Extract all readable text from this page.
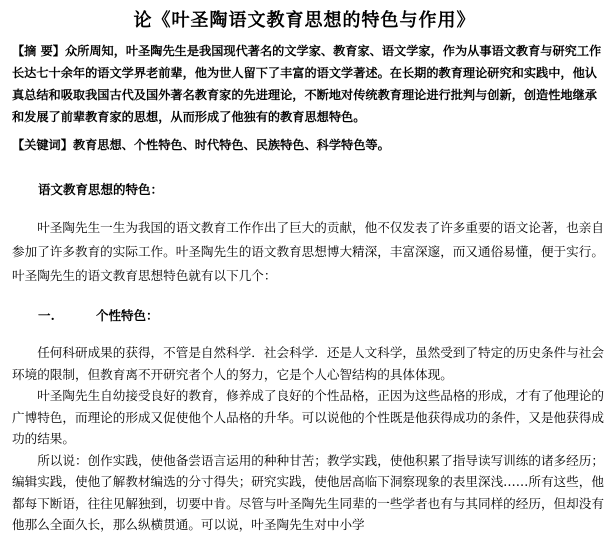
论《叶圣陶语文教育思想的特色与作用》
【摘 要】众所周知，叶圣陶先生是我国现代著名的文学家、教育家、语文学家，作为从事语文教育与研究工作长达七十余年的语文学界老前辈，他为世人留下了丰富的语文学著述。在长期的教育理论研究和实践中，他认真总结和吸取我国古代及国外著名教育家的先进理论，不断地对传统教育理论进行批判与创新，创造性地继承和发展了前辈教育家的思想，从而形成了他独有的教育思想特色。
【关键词】教育思想、个性特色、时代特色、民族特色、科学特色等。
语文教育思想的特色：
叶圣陶先生一生为我国的语文教育工作作出了巨大的贡献，他不仅发表了许多重要的语文论著，也亲自参加了许多教育的实际工作。叶圣陶先生的语文教育思想博大精深，丰富深邃，而又通俗易懂，便于实行。叶圣陶先生的语文教育思想特色就有以下几个：
一.	个性特色：

任何科研成果的获得，不管是自然科学．社会科学．还是人文科学，虽然受到了特定的历史条件与社会环境的限制，但教育离不开研究者个人的努力，它是个人心智结构的具体体现。

叶圣陶先生自幼接受良好的教育，修养成了良好的个性品格，正因为这些品格的形成，才有了他理论的广博特色，而理论的形成又促使他个人品格的升华。可以说他的个性既是他获得成功的条件，又是他获得成功的结果。

所以说：创作实践，使他备尝语言运用的种种甘苦；教学实践，使他积累了指导读写训练的诸多经历；编辑实践，使他了解教材编选的分寸得失；研究实践，使他居高临下洞察现象的表里深浅……所有这些，他都每下断语，往往见解独到，切要中肯。尽管与叶圣陶先生同辈的一些学者也有与其同样的经历，但却没有他那么全面久长，那么纵横贯通。可以说，叶圣陶先生对中小学
